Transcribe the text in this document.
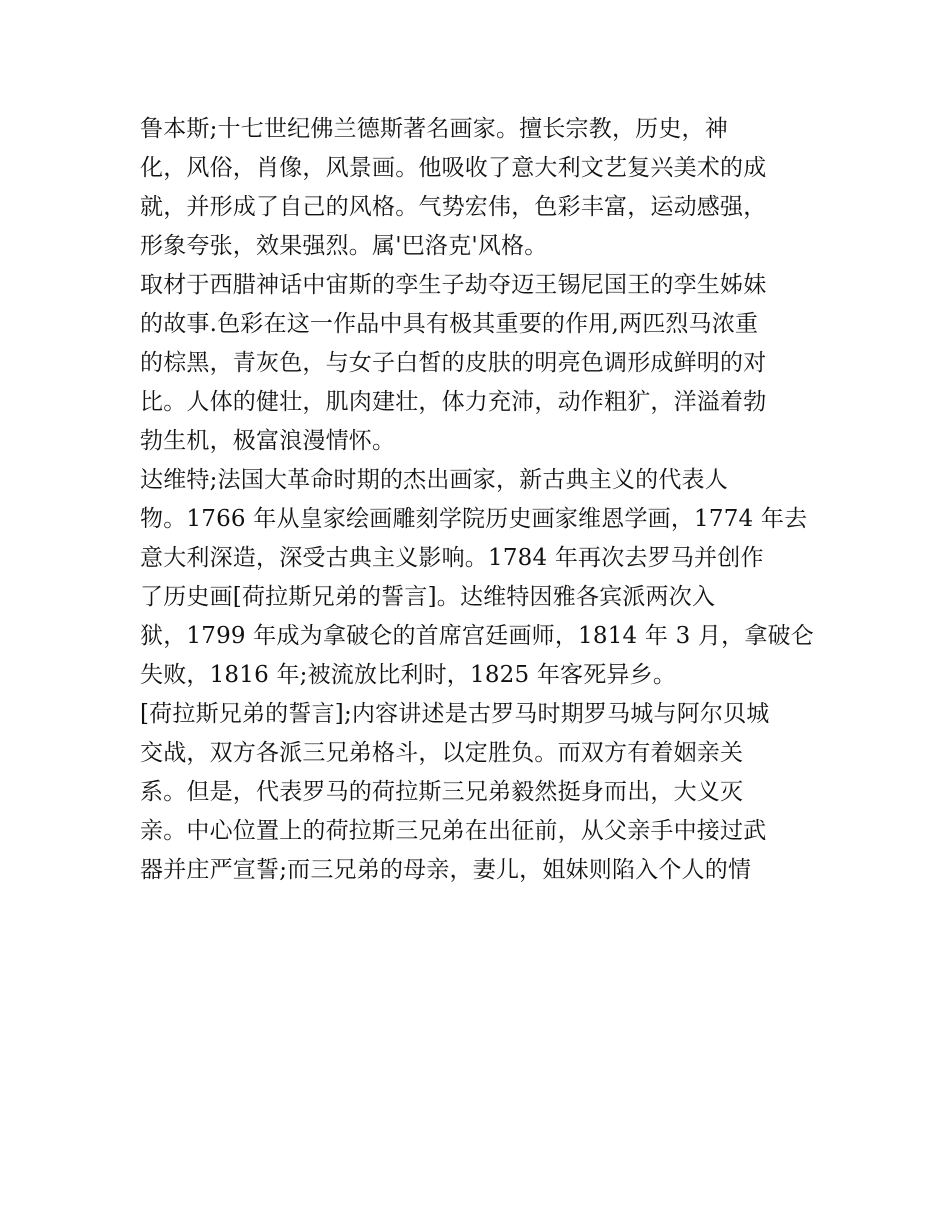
鲁本斯;十七世纪佛兰德斯著名画家。擅长宗教，历史，神
化，风俗，肖像，风景画。他吸收了意大利文艺复兴美术的成
就，并形成了自己的风格。气势宏伟，色彩丰富，运动感强，
形象夸张，效果强烈。属'巴洛克'风格。
取材于西腊神话中宙斯的孪生子劫夺迈王锡尼国王的孪生姊妹
的故事.色彩在这一作品中具有极其重要的作用,两匹烈马浓重
的棕黑，青灰色，与女子白皙的皮肤的明亮色调形成鲜明的对
比。人体的健壮，肌肉建壮，体力充沛，动作粗犷，洋溢着勃
勃生机，极富浪漫情怀。
达维特;法国大革命时期的杰出画家，新古典主义的代表人
物。1766 年从皇家绘画雕刻学院历史画家维恩学画，1774 年去
意大利深造，深受古典主义影响。1784 年再次去罗马并创作
了历史画[荷拉斯兄弟的誓言]。达维特因雅各宾派两次入
狱，1799 年成为拿破仑的首席宫廷画师，1814 年 3 月，拿破仑
失败，1816 年;被流放比利时，1825 年客死异乡。
[荷拉斯兄弟的誓言];内容讲述是古罗马时期罗马城与阿尔贝城
交战，双方各派三兄弟格斗，以定胜负。而双方有着姻亲关
系。但是，代表罗马的荷拉斯三兄弟毅然挺身而出，大义灭
亲。中心位置上的荷拉斯三兄弟在出征前，从父亲手中接过武
器并庄严宣誓;而三兄弟的母亲，妻儿，姐妹则陷入个人的情
